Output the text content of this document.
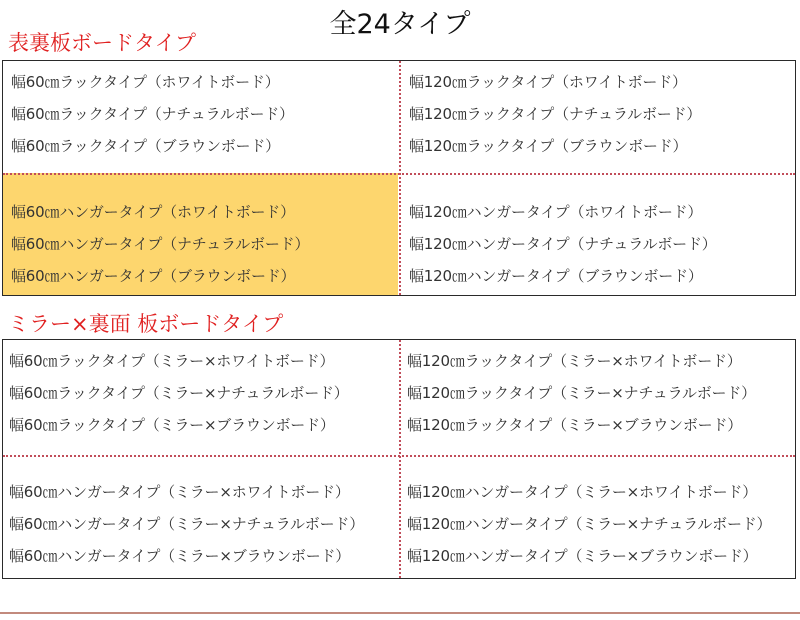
全24タイプ
表裏板ボードタイプ
幅60㎝ラックタイプ（ホワイトボード）
幅60㎝ラックタイプ（ナチュラルボード）
幅60㎝ラックタイプ（ブラウンボード）
幅120㎝ラックタイプ（ホワイトボード）
幅120㎝ラックタイプ（ナチュラルボード）
幅120㎝ラックタイプ（ブラウンボード）
幅60㎝ハンガータイプ（ホワイトボード）
幅60㎝ハンガータイプ（ナチュラルボード）
幅60㎝ハンガータイプ（ブラウンボード）
幅120㎝ハンガータイプ（ホワイトボード）
幅120㎝ハンガータイプ（ナチュラルボード）
幅120㎝ハンガータイプ（ブラウンボード）
ミラー×裏面 板ボードタイプ
幅60㎝ラックタイプ（ミラー×ホワイトボード）
幅60㎝ラックタイプ（ミラー×ナチュラルボード）
幅60㎝ラックタイプ（ミラー×ブラウンボード）
幅120㎝ラックタイプ（ミラー×ホワイトボード）
幅120㎝ラックタイプ（ミラー×ナチュラルボード）
幅120㎝ラックタイプ（ミラー×ブラウンボード）
幅60㎝ハンガータイプ（ミラー×ホワイトボード）
幅60㎝ハンガータイプ（ミラー×ナチュラルボード）
幅60㎝ハンガータイプ（ミラー×ブラウンボード）
幅120㎝ハンガータイプ（ミラー×ホワイトボード）
幅120㎝ハンガータイプ（ミラー×ナチュラルボード）
幅120㎝ハンガータイプ（ミラー×ブラウンボード）
